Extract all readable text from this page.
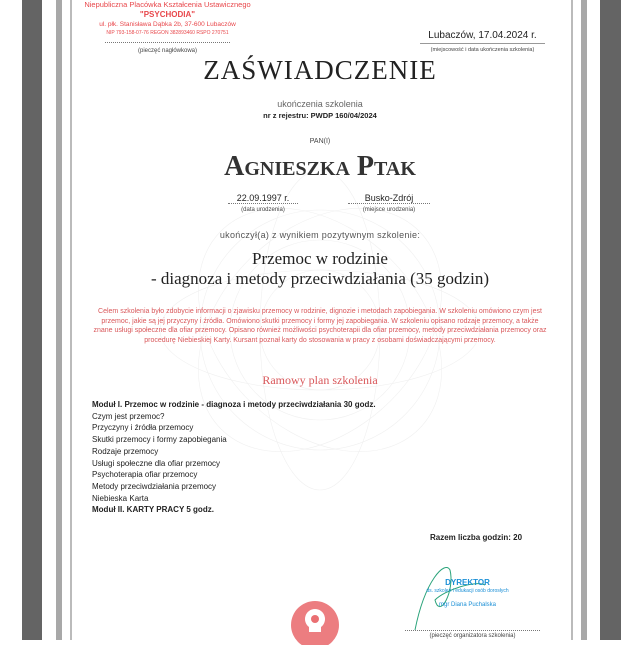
Niepubliczna Placówka Kształcenia Ustawicznego
"PSYCHODIA"
ul. płk. Stanisława Dąbka 2b, 37-600 Lubaczów
NIP 793-158-07-76 REGON 382893460 RSPO 270751
(pieczęć nagłówkowa)
Lubaczów, 17.04.2024 r.
(miejscowość i data ukończenia szkolenia)
ZAŚWIADCZENIE
ukończenia szkolenia
nr z rejestru: PWDP 160/04/2024
PAN(I)
Agnieszka Ptak
22.09.1997 r.
(data urodzenia)
Busko-Zdrój
(miejsce urodzenia)
ukończył(a) z wynikiem pozytywnym szkolenie:
Przemoc w rodzinie
- diagnoza i metody przeciwdziałania (35 godzin)
Celem szkolenia było zdobycie informacji o zjawisku przemocy w rodzinie, dignozie i metodach zapobiegania. W szkoleniu omówiono czym jest przemoc, jakie są jej przyczyny i źródła. Omówiono skutki przemocy i formy jej zapobiegania. W szkoleniu opisano rodzaje przemocy, a także znane usługi społeczne dla ofiar przemocy. Opisano również możliwości psychoterapii dla ofiar przemocy, metody przeciwdziałania przemocy oraz procedurę Niebieskiej Karty. Kursant poznał karty do stosowania w pracy z osobami doświadczającymi przemocy.
Ramowy plan szkolenia
Moduł I. Przemoc w rodzinie - diagnoza i metody przeciwdziałania 30 godz.
Czym jest przemoc?
Przyczyny i źródła przemocy
Skutki przemocy i formy zapobiegania
Rodzaje przemocy
Usługi społeczne dla ofiar przemocy
Psychoterapia ofiar przemocy
Metody przeciwdziałania przemocy
Niebieska Karta
Moduł II. KARTY PRACY 5 godz.
Razem liczba godzin: 20
DYREKTOR
ds. szkoleń i edukacji osób dorosłych
mgr Diana Puchalska
(pieczęć organizatora szkolenia)
